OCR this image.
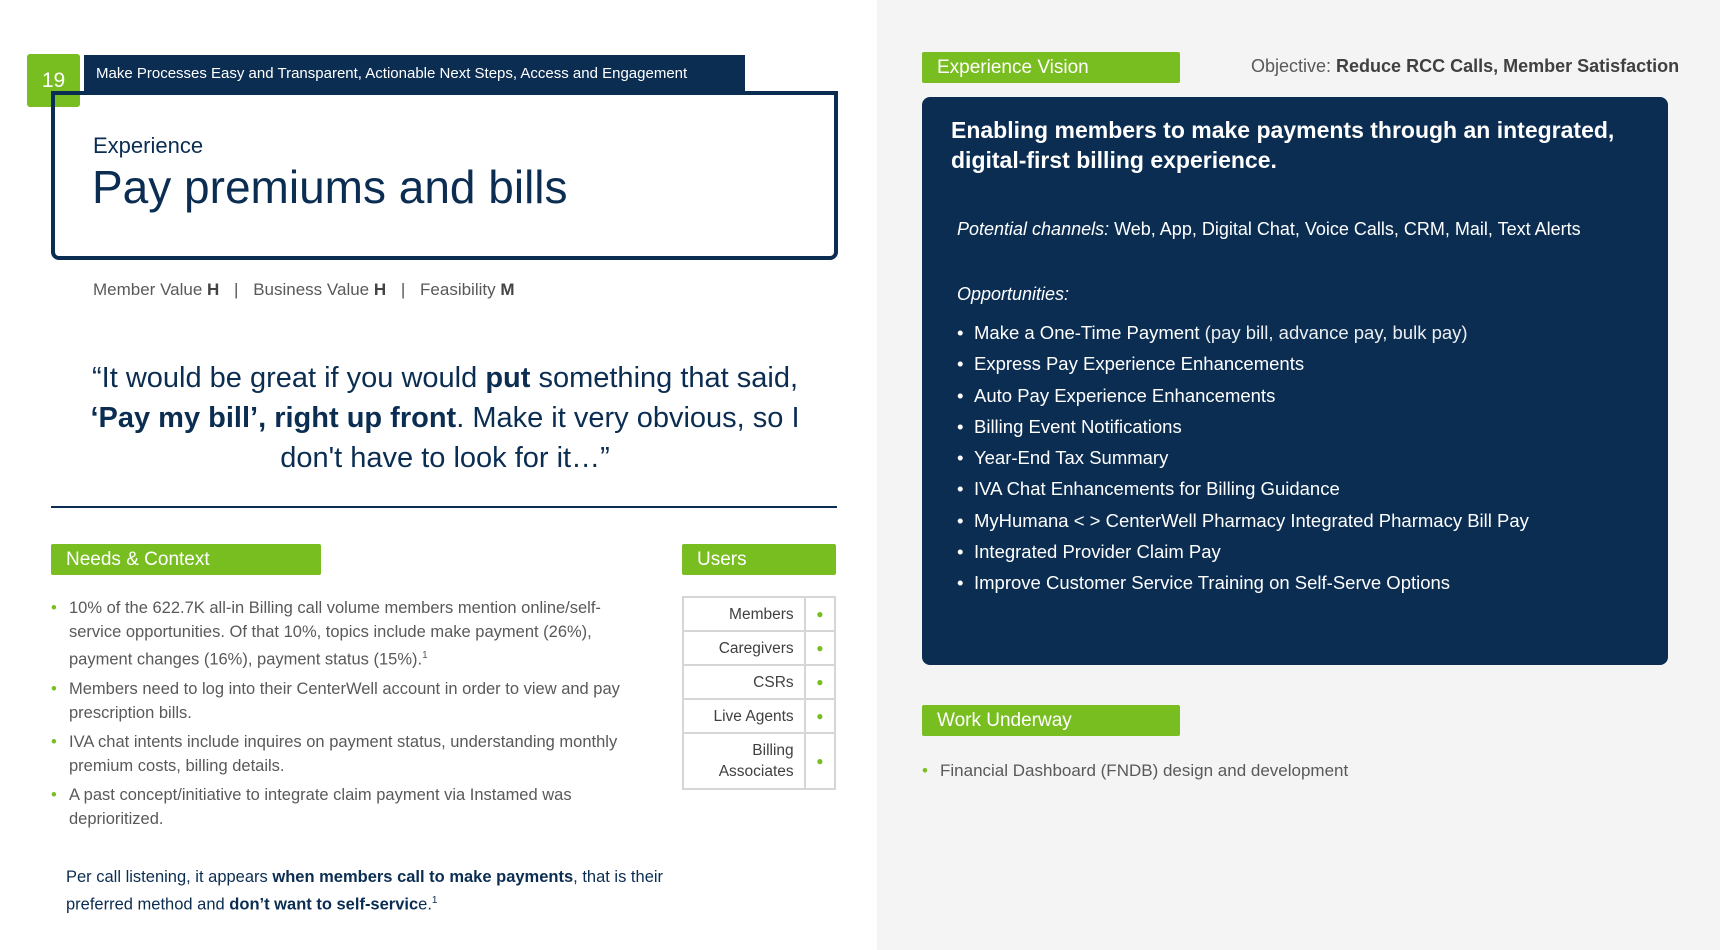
19	Make Processes Easy and Transparent, Actionable Next Steps, Access and Engagement
Experience
Pay premiums and bills
Member Value H | Business Value H | Feasibility M
“It would be great if you would put something that said, ‘Pay my bill’, right up front. Make it very obvious, so I don't have to look for it…”
Needs & Context
• 10% of the 622.7K all-in Billing call volume members mention online/self-service opportunities. Of that 10%, topics include make payment (26%), payment changes (16%), payment status (15%).$^1$
• Members need to log into their CenterWell account in order to view and pay prescription bills.
• IVA chat intents include inquires on payment status, understanding monthly premium costs, billing details.
• A past concept/initiative to integrate claim payment via Instamed was deprioritized.
Per call listening, it appears when members call to make payments, that is their preferred method and don’t want to self-service.$^1$
Users
Members	●
Caregivers	●
CSRs	●
Live Agents	●
Billing Associates	●
Experience Vision	Objective: Reduce RCC Calls, Member Satisfaction
Enabling members to make payments through an integrated, digital-first billing experience.
Potential channels: Web, App, Digital Chat, Voice Calls, CRM, Mail, Text Alerts
Opportunities:
• Make a One-Time Payment (pay bill, advance pay, bulk pay)
• Express Pay Experience Enhancements
• Auto Pay Experience Enhancements
• Billing Event Notifications
• Year-End Tax Summary
• IVA Chat Enhancements for Billing Guidance
• MyHumana < > CenterWell Pharmacy Integrated Pharmacy Bill Pay
• Integrated Provider Claim Pay
• Improve Customer Service Training on Self-Serve Options
Work Underway
• Financial Dashboard (FNDB) design and development
